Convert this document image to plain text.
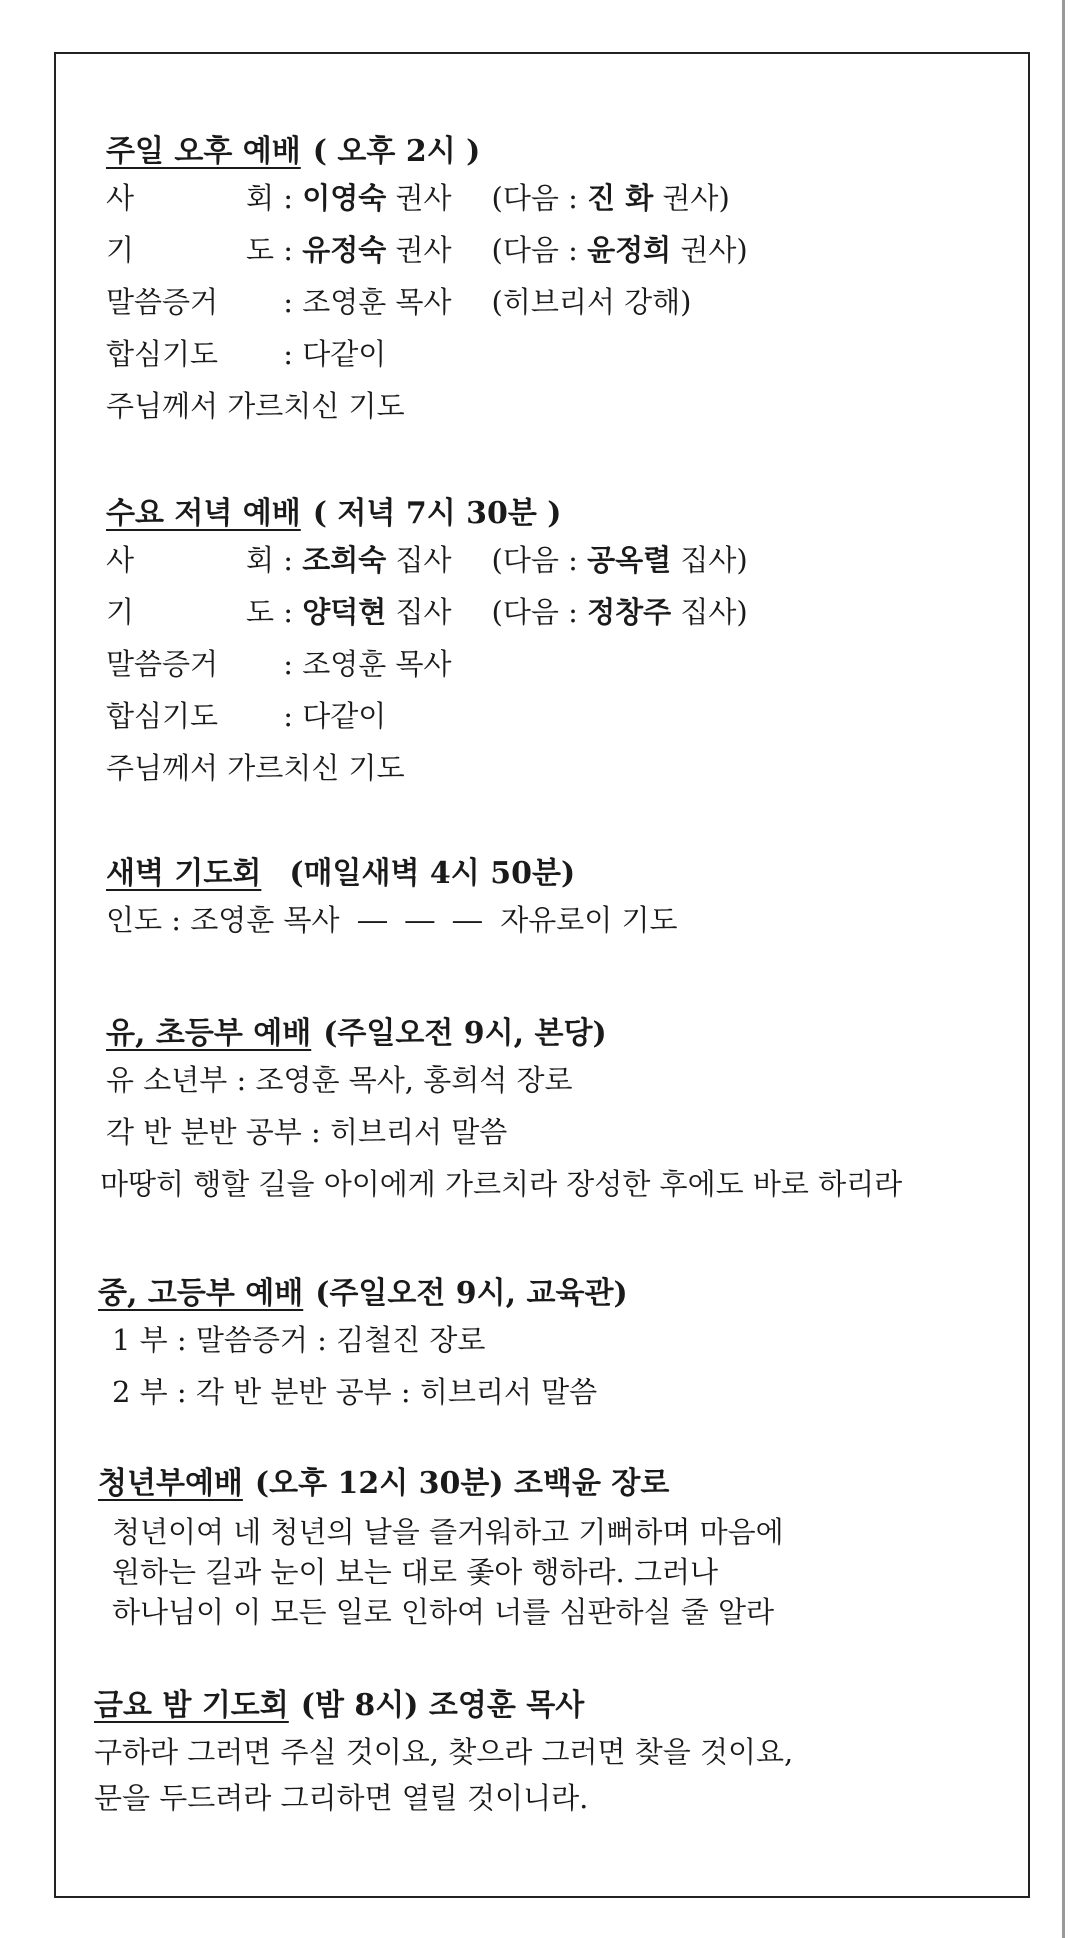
주일 오후 예배 ( 오후 2시 )
사 회 : 이영숙 권사 (다음 : 진 화 권사)
기 도 : 유정숙 권사 (다음 : 윤정희 권사)
말씀증거 : 조영훈 목사 (히브리서 강해)
합심기도 : 다같이
주님께서 가르치신 기도
수요 저녁 예배 ( 저녁 7시 30분 )
사 회 : 조희숙 집사 (다음 : 공옥렬 집사)
기 도 : 양덕현 집사 (다음 : 정창주 집사)
말씀증거 : 조영훈 목사
합심기도 : 다같이
주님께서 가르치신 기도
새벽 기도회 (매일새벽 4시 50분)
인도 : 조영훈 목사  ―  ―  ―  자유로이 기도
유, 초등부 예배 (주일오전 9시, 본당)
유 소년부 : 조영훈 목사, 홍희석 장로
각 반 분반 공부 : 히브리서 말씀
마땅히 행할 길을 아이에게 가르치라 장성한 후에도 바로 하리라
중, 고등부 예배 (주일오전 9시, 교육관)
1 부 : 말씀증거 : 김철진 장로
2 부 : 각 반 분반 공부 : 히브리서 말씀
청년부예배 (오후 12시 30분) 조백윤 장로
청년이여 네 청년의 날을 즐거워하고 기뻐하며 마음에
원하는 길과 눈이 보는 대로 좇아 행하라. 그러나
하나님이 이 모든 일로 인하여 너를 심판하실 줄 알라
금요 밤 기도회 (밤 8시) 조영훈 목사
구하라 그러면 주실 것이요, 찾으라 그러면 찾을 것이요,
문을 두드려라 그리하면 열릴 것이니라.
